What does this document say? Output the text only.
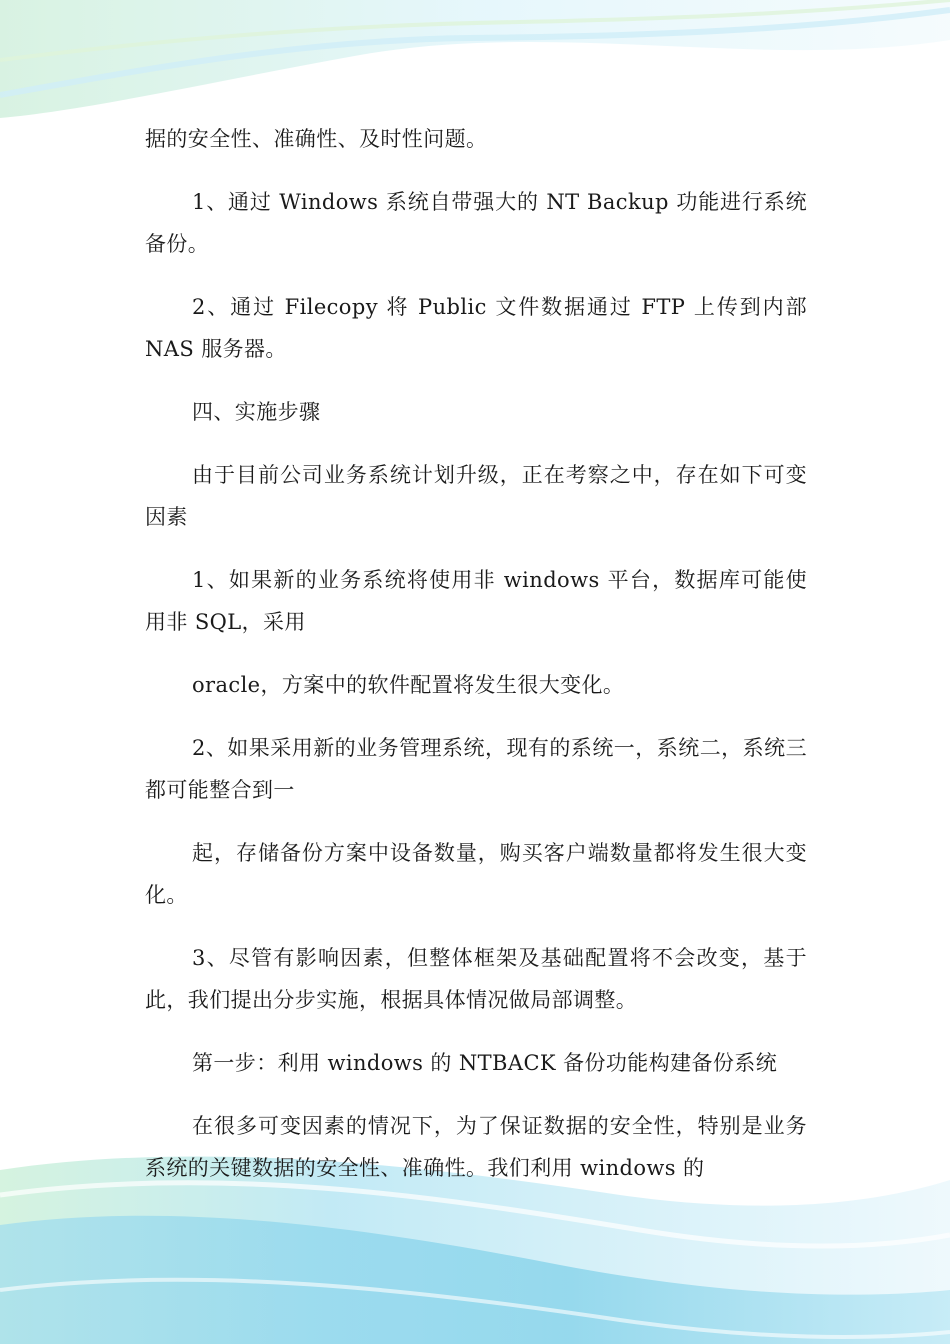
据的安全性、准确性、及时性问题。

1、通过 Windows 系统自带强大的 NT Backup 功能进行系统备份。

2、通过 Filecopy 将 Public 文件数据通过 FTP 上传到内部 NAS 服务器。

四、实施步骤

由于目前公司业务系统计划升级，正在考察之中，存在如下可变因素

1、如果新的业务系统将使用非 windows 平台，数据库可能使用非 SQL，采用

oracle，方案中的软件配置将发生很大变化。

2、如果采用新的业务管理系统，现有的系统一，系统二，系统三都可能整合到一

起，存储备份方案中设备数量，购买客户端数量都将发生很大变化。

3、尽管有影响因素，但整体框架及基础配置将不会改变，基于此，我们提出分步实施，根据具体情况做局部调整。

第一步：利用 windows 的 NTBACK 备份功能构建备份系统

在很多可变因素的情况下，为了保证数据的安全性，特别是业务系统的关键数据的安全性、准确性。我们利用 windows 的
